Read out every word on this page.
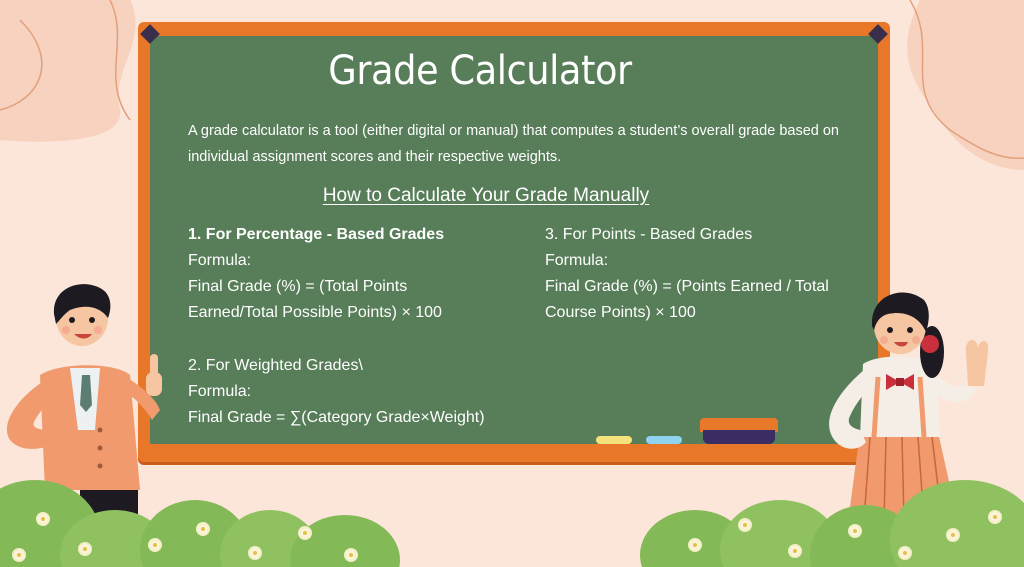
Grade Calculator
A grade calculator is a tool (either digital or manual) that computes a student’s overall grade based on individual assignment scores and their respective weights.
How to Calculate Your Grade Manually

1. For Percentage - Based Grades

Formula:

Final Grade (%) = (Total Points

Earned/Total Possible Points) × 100

2. For Weighted Grades\

Formula:

Final Grade = ∑(Category Grade×Weight)

3. For Points - Based Grades

Formula:

Final Grade (%) = (Points Earned / Total

Course Points) × 100
